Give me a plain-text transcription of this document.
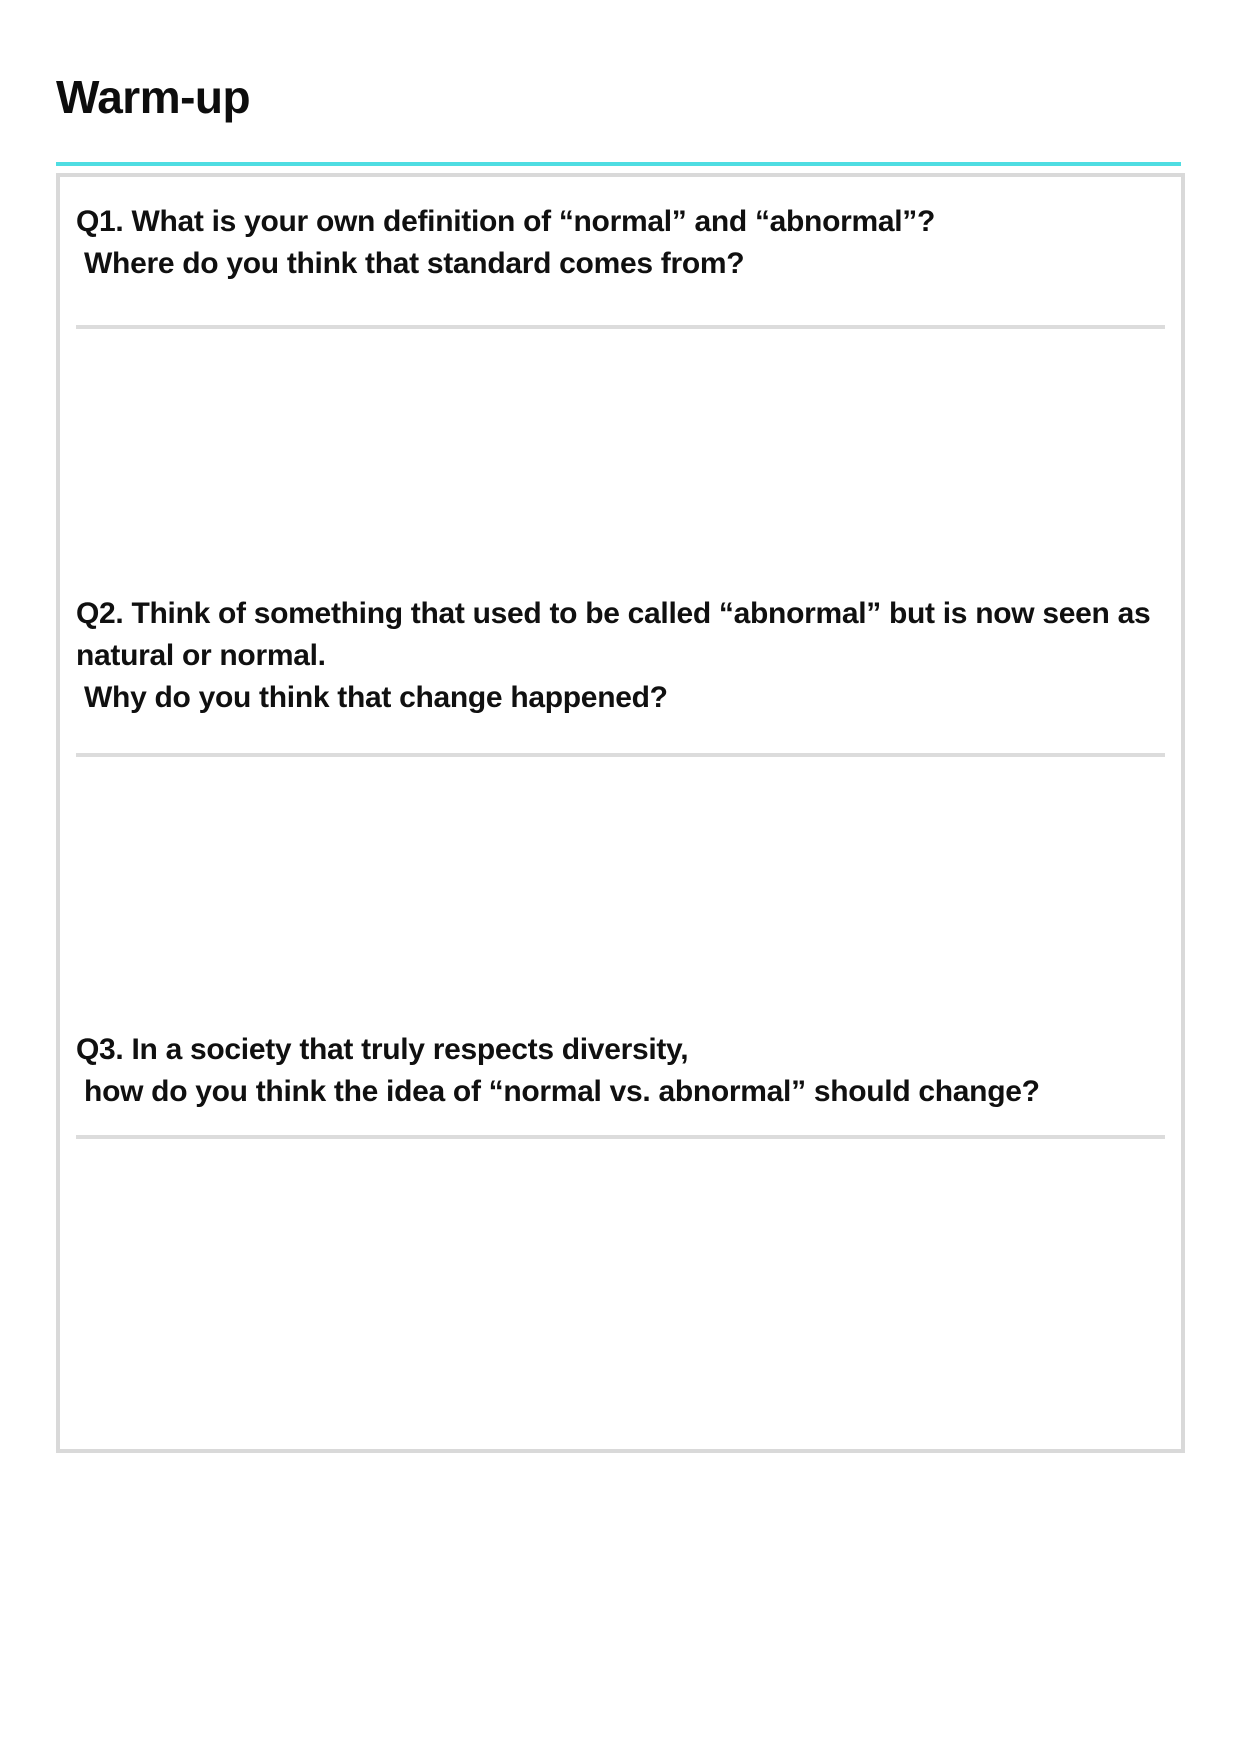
Warm-up
Q1. What is your own definition of “normal” and “abnormal”?
Where do you think that standard comes from?
Q2. Think of something that used to be called “abnormal” but is now seen as
natural or normal.
Why do you think that change happened?
Q3. In a society that truly respects diversity,
how do you think the idea of “normal vs. abnormal” should change?
